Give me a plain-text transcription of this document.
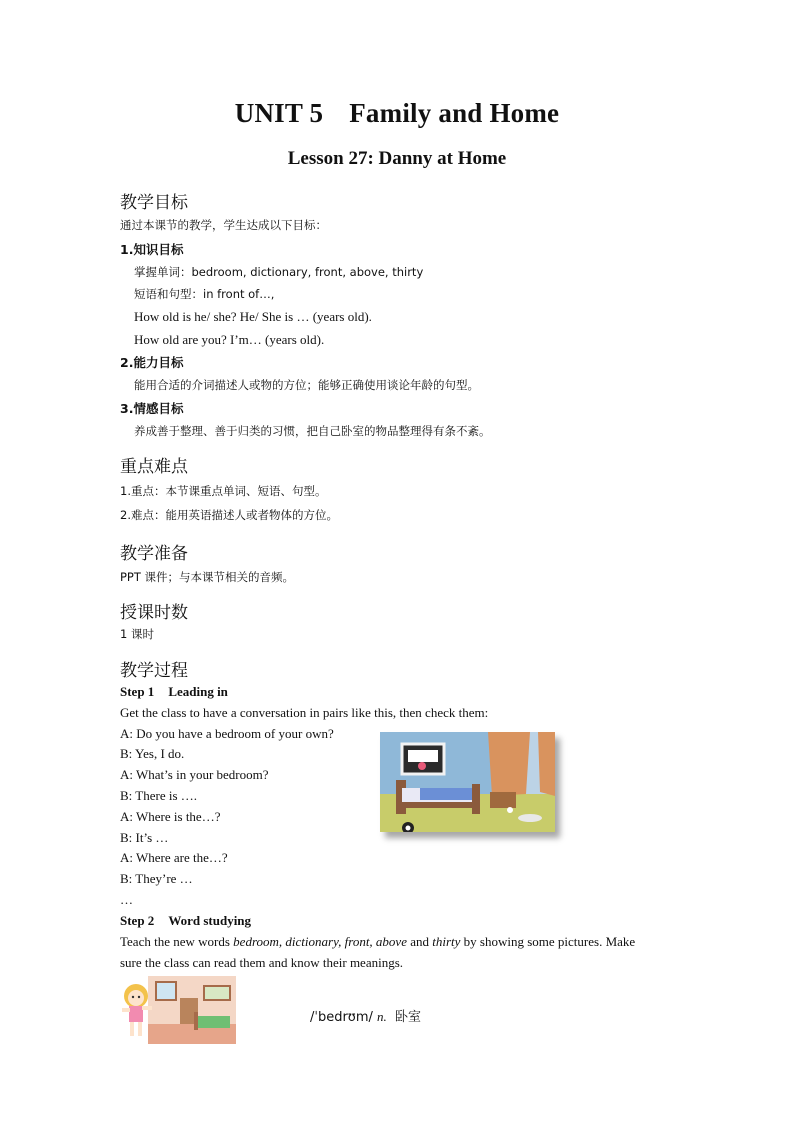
UNIT 5 Family and Home
Lesson 27: Danny at Home
教学目标
通过本课节的教学，学生达成以下目标：
1.知识目标
掌握单词：bedroom, dictionary, front, above, thirty
短语和句型：in front of…,
How old is he/ she? He/ She is … (years old).
How old are you? I’m… (years old).
2.能力目标
能用合适的介词描述人或物的方位；能够正确使用谈论年龄的句型。
3.情感目标
养成善于整理、善于归类的习惯，把自己卧室的物品整理得有条不紊。
重点难点
1.重点：本节课重点单词、短语、句型。
2.难点：能用英语描述人或者物体的方位。
教学准备
PPT 课件；与本课节相关的音频。
授课时数
1 课时
教学过程
Step 1 Leading in
Get the class to have a conversation in pairs like this, then check them:
A: Do you have a bedroom of your own?
B: Yes, I do.
A: What’s in your bedroom?
B: There is ….
A: Where is the…?
B: It’s …
A: Where are the…?
B: They’re …
…
Step 2 Word studying
Teach the new words bedroom, dictionary, front, above and thirty by showing some pictures. Make
sure the class can read them and know their meanings.
/ˈbedrʊm/ n. 卧室
